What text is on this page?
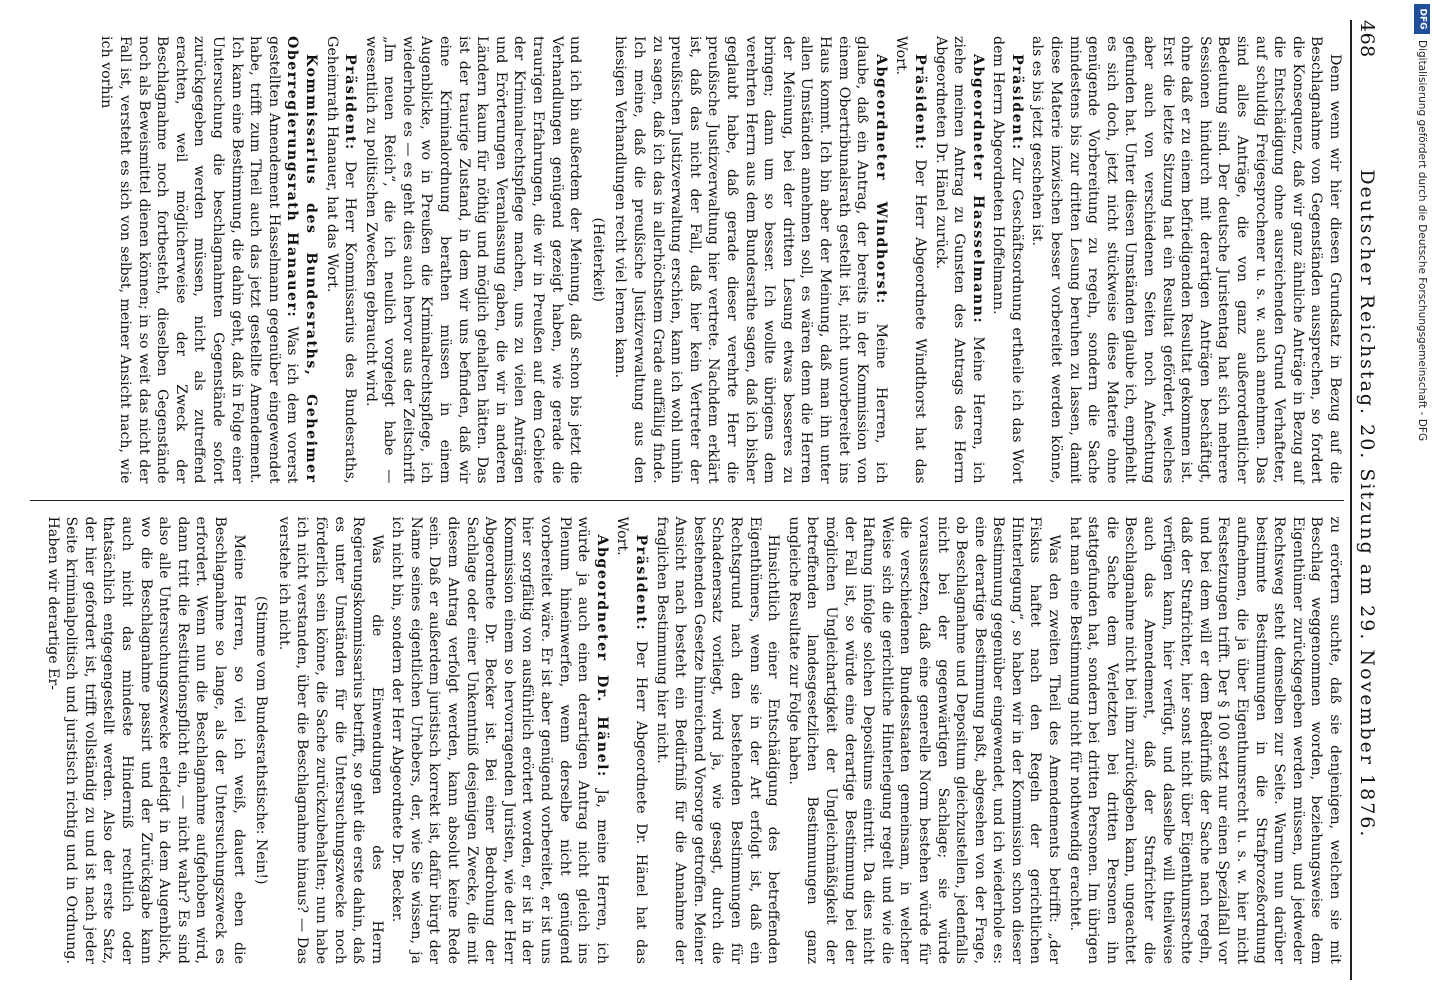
468
Deutscher Reichstag. 20. Sitzung am 29. November 1876.

Denn wenn wir hier diesen Grundsatz in Bezug auf die Beschlagnahme von Gegenständen aussprechen, so fordert die Konsequenz, daß wir ganz ähnliche Anträge in Bezug auf die Entschädigung ohne ausreichenden Grund Verhafteter, auf schuldig Freigesprochener u. s. w. auch annehmen. Das sind alles Anträge, die von ganz außerordentlicher Bedeutung sind. Der deutsche Juristentag hat sich mehrere Sessionen hindurch mit derartigen Anträgen beschäftigt, ohne daß er zu einem befriedigenden Resultat gekommen ist. Erst die letzte Sitzung hat ein Resultat gefördert, welches aber auch von verschiedenen Seiten noch Anfechtung gefunden hat. Unter diesen Umständen glaube ich, empfiehlt es sich doch, jetzt nicht stückweise diese Materie ohne genügende Vorbereitung zu regeln, sondern die Sache mindestens bis zur dritten Lesung beruhen zu lassen, damit diese Materie inzwischen besser vorbereitet werden könne, als es bis jetzt geschehen ist.

Präsident: Zur Geschäftsordnung ertheile ich das Wort dem Herrn Abgeordneten Hoffelmann.

Abgeordneter Hassselmann: Meine Herren, ich ziehe meinen Antrag zu Gunsten des Antrags des Herrn Abgeordneten Dr. Hänel zurück.

Präsident: Der Herr Abgeordnete Windthorst hat das Wort.

Abgeordneter Windhorst: Meine Herren, ich glaube, daß ein Antrag, der bereits in der Kommission von einem Obertribunalsrath gestellt ist, nicht unvorbereitet ins Haus kommt. Ich bin aber der Meinung, daß man ihn unter allen Umständen annehmen soll, es wären denn die Herren der Meinung, bei der dritten Lesung etwas besseres zu bringen; dann um so besser. Ich wollte übrigens dem verehrten Herrn aus dem Bundesrathe sagen, daß ich bisher geglaubt habe, daß gerade dieser verehrte Herr die preußische Justizverwaltung hier vertrete. Nachdem erklärt ist, daß das nicht der Fall, daß hier kein Vertreter der preußischen Justizverwaltung erschien, kann ich wohl umhin zu sagen, daß ich das in allerhöchstem Grade auffällig finde. Ich meine, daß die preußische Justizverwaltung aus den hiesigen Verhandlungen recht viel lernen kann.

(Heiterkeit)

und ich bin außerdem der Meinung, daß schon bis jetzt die Verhandlungen genügend gezeigt haben, wie gerade die traurigen Erfahrungen, die wir in Preußen auf dem Gebiete der Kriminalrechtspflege machen, uns zu vielen Anträgen und Erörterungen Veranlassung gaben, die wir in anderen Ländern kaum für nöthig und möglich gehalten hätten. Das ist der traurige Zustand, in dem wir uns befinden, daß wir eine Kriminalordnung berathen müssen in einem Augenblicke, wo in Preußen die Kriminalrechtspflege, ich wiederhole es — es geht dies auch hervor aus der Zeitschrift „Im neuen Reich“, die ich neulich vorgelegt habe — wesentlich zu politischen Zwecken gebraucht wird.

Präsident: Der Herr Kommissarius des Bundesraths, Geheimrath Hanauer, hat das Wort.

Kommissarius des Bundesraths, Geheimer Oberregierungsrath Hanauer: Was ich dem vorerst gestellten Amendement Hasselmann gegenüber eingewendet habe, trifft zum Theil auch das jetzt gestellte Amendement. Ich kann eine Bestimmung, die dahin geht, daß in Folge einer Untersuchung die beschlagnahmten Gegenstände sofort zurückgegeben werden müssen, nicht als zutreffend erachten, weil möglicherweise der Zweck der Beschlagnahme noch fortbesteht, dieselben Gegenstände noch als Beweismittel dienen können; in so weit das nicht der Fall ist, versteht es sich von selbst, meiner Ansicht nach, wie ich vorhin

zu erörtern suchte, daß sie denjenigen, welchen sie mit Beschlag weggenommen worden, beziehungsweise dem Eigenthümer zurückgegeben werden müssen, und jedweder Rechtsweg steht demselben zur Seite. Warum nun darüber bestimmte Bestimmungen in die Strafprozeßordnung aufnehmen, die ja über Eigenthumsrecht u. s. w. hier nicht Festsetzungen trifft. Der § 100 setzt nur einen Spezialfall vor und bei dem will er dem Bedürfniß der Sache nach regeln, daß der Strafrichter, hier sonst nicht über Eigenthumsrechte verfügen kann, hier verfügt, und dasselbe will theilweise auch das Amendement, daß der Strafrichter die Beschlagnahme nicht bei ihm zurückgeben kann, ungeachtet die Sache dem Verletzten bei dritten Personen ihn stattgefunden hat, sondern bei dritten Personen. Im übrigen hat man eine Bestimmung nicht für nothwendig erachtet.

Was den zweiten Theil des Amendements betrifft: „der Fiskus haftet nach den Regeln der gerichtlichen Hinterlegung“, so haben wir in der Kommission schon dieser Bestimmung gegenüber eingewendet, und ich wiederhole es: eine derartige Bestimmung paßt, abgesehen von der Frage, ob Beschlagnahme und Depositum gleichzustellen, jedenfalls nicht bei der gegenwärtigen Sachlage; sie würde voraussetzen, daß eine generelle Norm bestehen würde für die verschiedenen Bundesstaaten gemeinsam, in welcher Weise sich die gerichtliche Hinterlegung regelt und wie die Haftung infolge solchen Depositums eintritt. Da dies nicht der Fall ist, so würde eine derartige Bestimmung bei der möglichen Ungleichartigkeit der Ungleichmäßigkeit der betreffenden landesgesetzlichen Bestimmungen ganz ungleiche Resultate zur Folge haben.

Hinsichtlich einer Entschädigung des betreffenden Eigenthümers, wenn sie in der Art erfolgt ist, daß ein Rechtsgrund nach den bestehenden Bestimmungen für Schadenersatz vorliegt, wird ja, wie gesagt, durch die bestehenden Gesetze hinreichend Vorsorge getroffen. Meiner Ansicht nach besteht ein Bedürfniß für die Annahme der fraglichen Bestimmung hier nicht.

Präsident: Der Herr Abgeordnete Dr. Hänel hat das Wort.

Abgeordneter Dr. Hänel: Ja, meine Herren, ich würde ja auch einen derartigen Antrag nicht gleich ins Plenum hineinwerfen, wenn derselbe nicht genügend vorbereitet wäre. Er ist aber genügend vorbereitet, er ist uns hier sorgfältig von ausführlich erörtert worden, er ist in der Kommission einem so hervorragenden Juristen, wie der Herr Abgeordnete Dr. Becker ist. Bei einer Bedrohung der Sachlage oder einer Unkenntniß desjenigen Zwecke, die mit diesem Antrag verfolgt werden, kann absolut keine Rede sein. Daß er außerdem juristisch korrekt ist, dafür bürgt der Name seines eigentlichen Urhebers, der, wie Sie wissen, ja ich nicht bin, sondern der Herr Abgeordnete Dr. Becker.

Was die Einwendungen des Herrn Regierungskommissarius betrifft, so geht die erste dahin, daß es unter Umständen für die Untersuchungszwecke noch förderlich sein könne, die Sache zurückzubehalten; nun habe ich nicht verstanden, über die Beschlagnahme hinaus? — Das verstehe ich nicht.

(Stimme vom Bundesrathstische: Nein!)

Meine Herren, so viel ich weiß, dauert eben die Beschlagnahme so lange, als der Untersuchungszweck es erfordert. Wenn nun die Beschlagnahme aufgehoben wird, dann tritt die Restitutionspflicht ein, — nicht wahr? Es sind also alle Untersuchungszwecke erledigt in dem Augenblick, wo die Beschlagnahme passirt und der Zurückgabe kann auch nicht das mindeste Hinderniß rechtlich oder thatsächlich entgegengestellt werden. Also der erste Satz, der hier gefordert ist, trifft vollständig zu und ist nach jeder Seite kriminalpolitisch und juristisch richtig und in Ordnung. Haben wir derartige Er-

DFG
Digitalisierung gefördert durch die Deutsche Forschungsgemeinschaft - DFG
